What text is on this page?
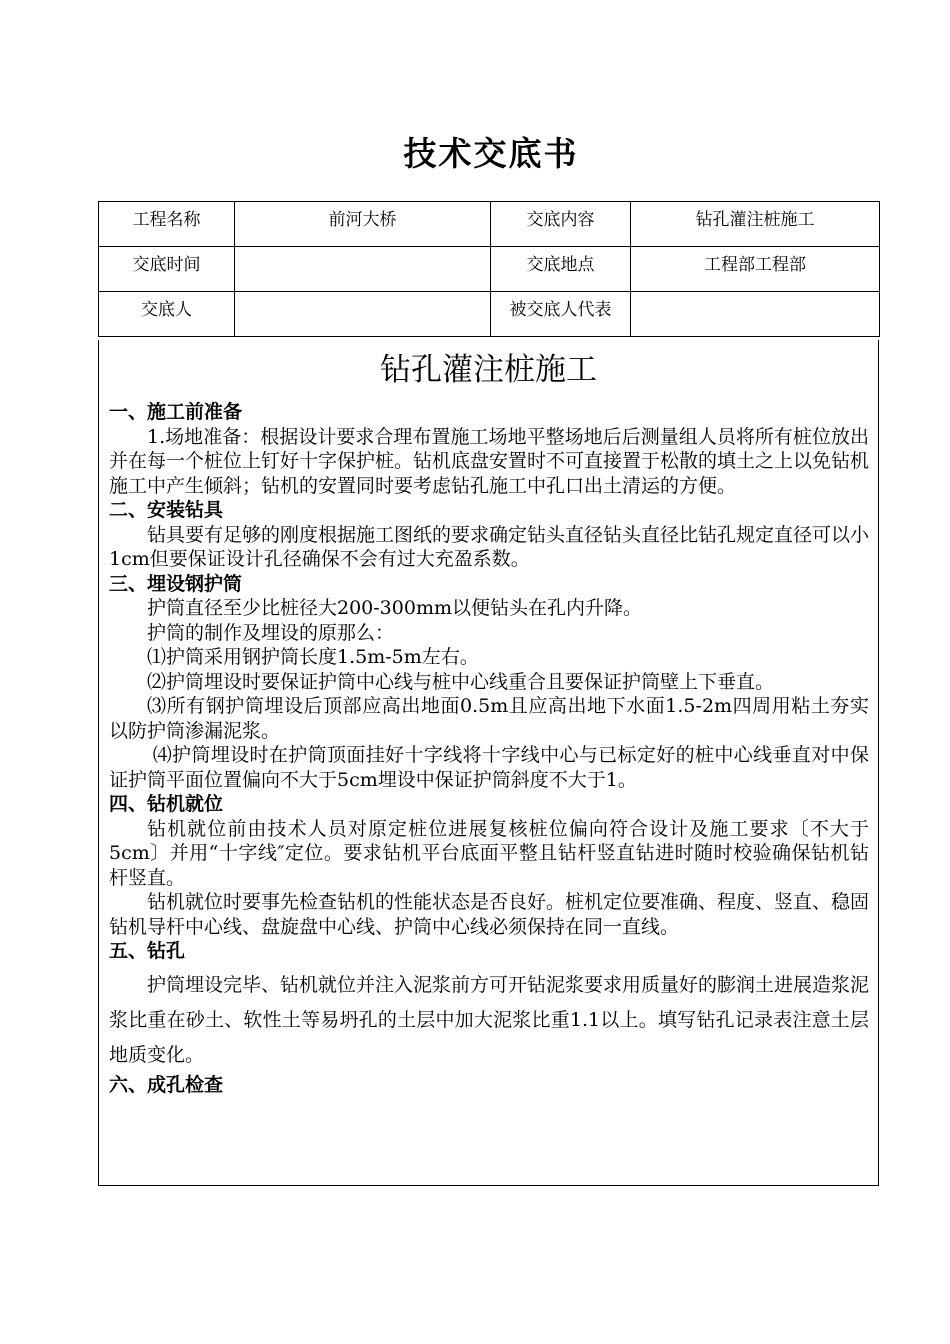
技术交底书
工程名称	前河大桥	交底内容	钻孔灌注桩施工
交底时间		交底地点	工程部工程部
交底人		被交底人代表	
钻孔灌注桩施工
一、施工前准备

1.场地准备：根据设计要求合理布置施工场地平整场地后后测量组人员将所有桩位放出并在每一个桩位上钉好十字保护桩。钻机底盘安置时不可直接置于松散的填土之上以免钻机施工中产生倾斜；钻机的安置同时要考虑钻孔施工中孔口出土清运的方便。

二、安装钻具

钻具要有足够的刚度根据施工图纸的要求确定钻头直径钻头直径比钻孔规定直径可以小1cm但要保证设计孔径确保不会有过大充盈系数。

三、埋设钢护筒

护筒直径至少比桩径大200-300mm以便钻头在孔内升降。

护筒的制作及埋设的原那么：

⑴护筒采用钢护筒长度1.5m-5m左右。

⑵护筒埋设时要保证护筒中心线与桩中心线重合且要保证护筒壁上下垂直。

⑶所有钢护筒埋设后顶部应高出地面0.5m且应高出地下水面1.5-2m四周用粘土夯实以防护筒渗漏泥浆。

⑷护筒埋设时在护筒顶面挂好十字线将十字线中心与已标定好的桩中心线垂直对中保证护筒平面位置偏向不大于5cm埋设中保证护筒斜度不大于1。

四、钻机就位

钻机就位前由技术人员对原定桩位进展复核桩位偏向符合设计及施工要求〔不大于5cm〕并用“十字线″定位。要求钻机平台底面平整且钻杆竖直钻进时随时校验确保钻机钻杆竖直。

钻机就位时要事先检查钻机的性能状态是否良好。桩机定位要准确、程度、竖直、稳固钻机导杆中心线、盘旋盘中心线、护筒中心线必须保持在同一直线。

五、钻孔

护筒埋设完毕、钻机就位并注入泥浆前方可开钻泥浆要求用质量好的膨润土进展造浆泥浆比重在砂土、软性土等易坍孔的土层中加大泥浆比重1.1以上。填写钻孔记录表注意土层地质变化。

六、成孔检查
